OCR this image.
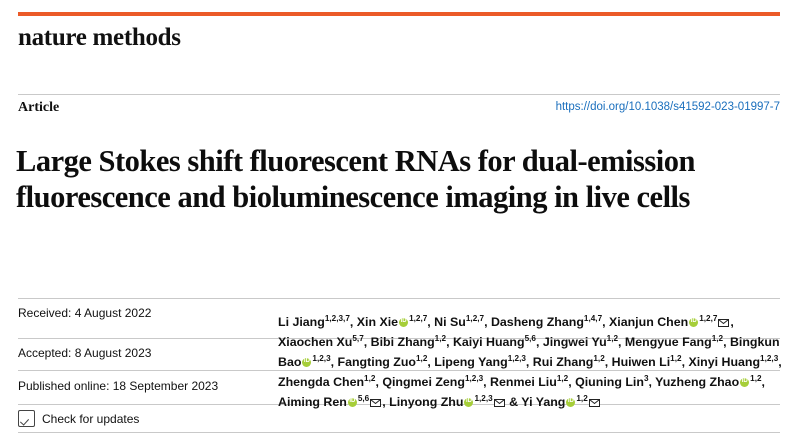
nature methods
Article	https://doi.org/10.1038/s41592-023-01997-7
Large Stokes shift fluorescent RNAs for dual-emission fluorescence and bioluminescence imaging in live cells
Received: 4 August 2022
Accepted: 8 August 2023
Published online: 18 September 2023
Check for updates
Li Jiang$^{1,2,3,7}$, Xin Xie iD $^{1,2,7}$, Ni Su$^{1,2,7}$, Dasheng Zhang$^{1,4,7}$, Xianjun CheniD $^{1,2,7}$ , Xiaochen Xu$^{5,7}$, Bibi Zhang$^{1,2}$, Kaiyi Huang$^{5,6}$, Jingwei Yu$^{1,2}$, Mengyue Fang$^{1,2}$, Bingkun Bao iD $^{1,2,3}$, Fangting Zuo$^{1,2}$, Lipeng Yang$^{1,2,3}$, Rui Zhang$^{1,2}$, Huiwen Li$^{1,2}$, Xinyi Huang$^{1,2,3}$, Zhengda Chen$^{1,2}$, Qingmei Zeng$^{1,2,3}$, Renmei Liu$^{1,2}$, Qiuning Lin$^3$, Yuzheng Zhao iD $^{1,2}$, Aiming Ren iD $^{5,6}$ , Linyong Zhu iD $^{1,2,3}$
& Yi Yang iD $^{1,2}$
